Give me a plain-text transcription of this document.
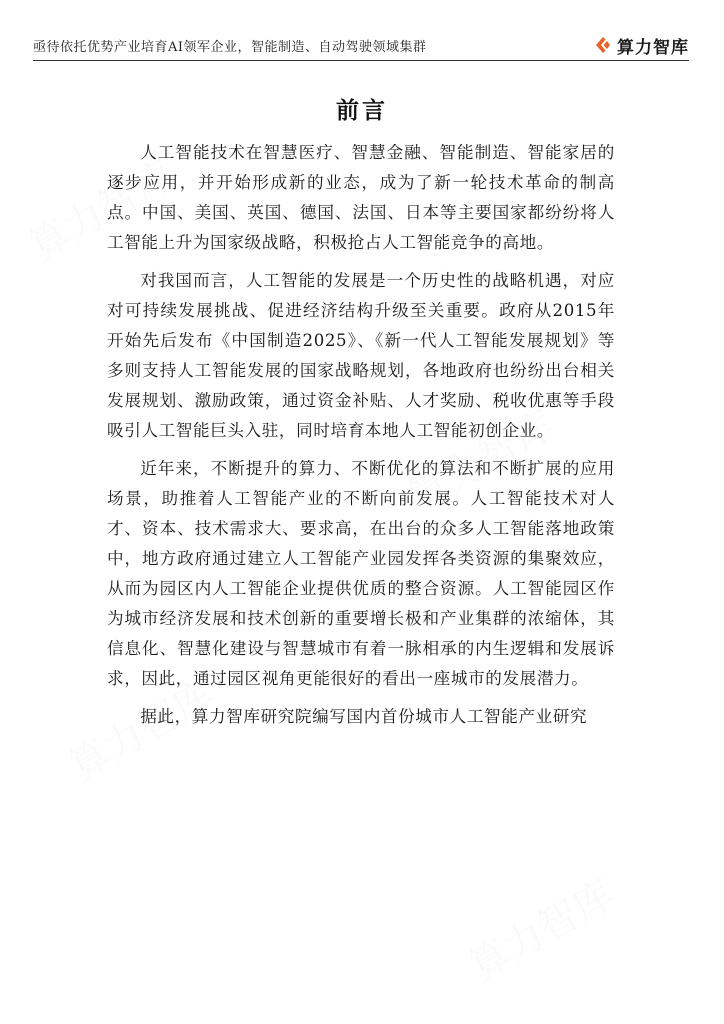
亟待依托优势产业培育AI领军企业，智能制造、自动驾驶领域集群	算力智库
前言

人工智能技术在智慧医疗、智慧金融、智能制造、智能家居的逐步应用，并开始形成新的业态，成为了新一轮技术革命的制高点。中国、美国、英国、德国、法国、日本等主要国家都纷纷将人工智能上升为国家级战略，积极抢占人工智能竞争的高地。

对我国而言，人工智能的发展是一个历史性的战略机遇，对应对可持续发展挑战、促进经济结构升级至关重要。政府从2015年开始先后发布《中国制造2025》、《新一代人工智能发展规划》等多则支持人工智能发展的国家战略规划，各地政府也纷纷出台相关发展规划、激励政策，通过资金补贴、人才奖励、税收优惠等手段吸引人工智能巨头入驻，同时培育本地人工智能初创企业。

近年来，不断提升的算力、不断优化的算法和不断扩展的应用场景，助推着人工智能产业的不断向前发展。人工智能技术对人才、资本、技术需求大、要求高，在出台的众多人工智能落地政策中，地方政府通过建立人工智能产业园发挥各类资源的集聚效应，从而为园区内人工智能企业提供优质的整合资源。人工智能园区作为城市经济发展和技术创新的重要增长极和产业集群的浓缩体，其信息化、智慧化建设与智慧城市有着一脉相承的内生逻辑和发展诉求，因此，通过园区视角更能很好的看出一座城市的发展潜力。

据此，算力智库研究院编写国内首份城市人工智能产业研究
